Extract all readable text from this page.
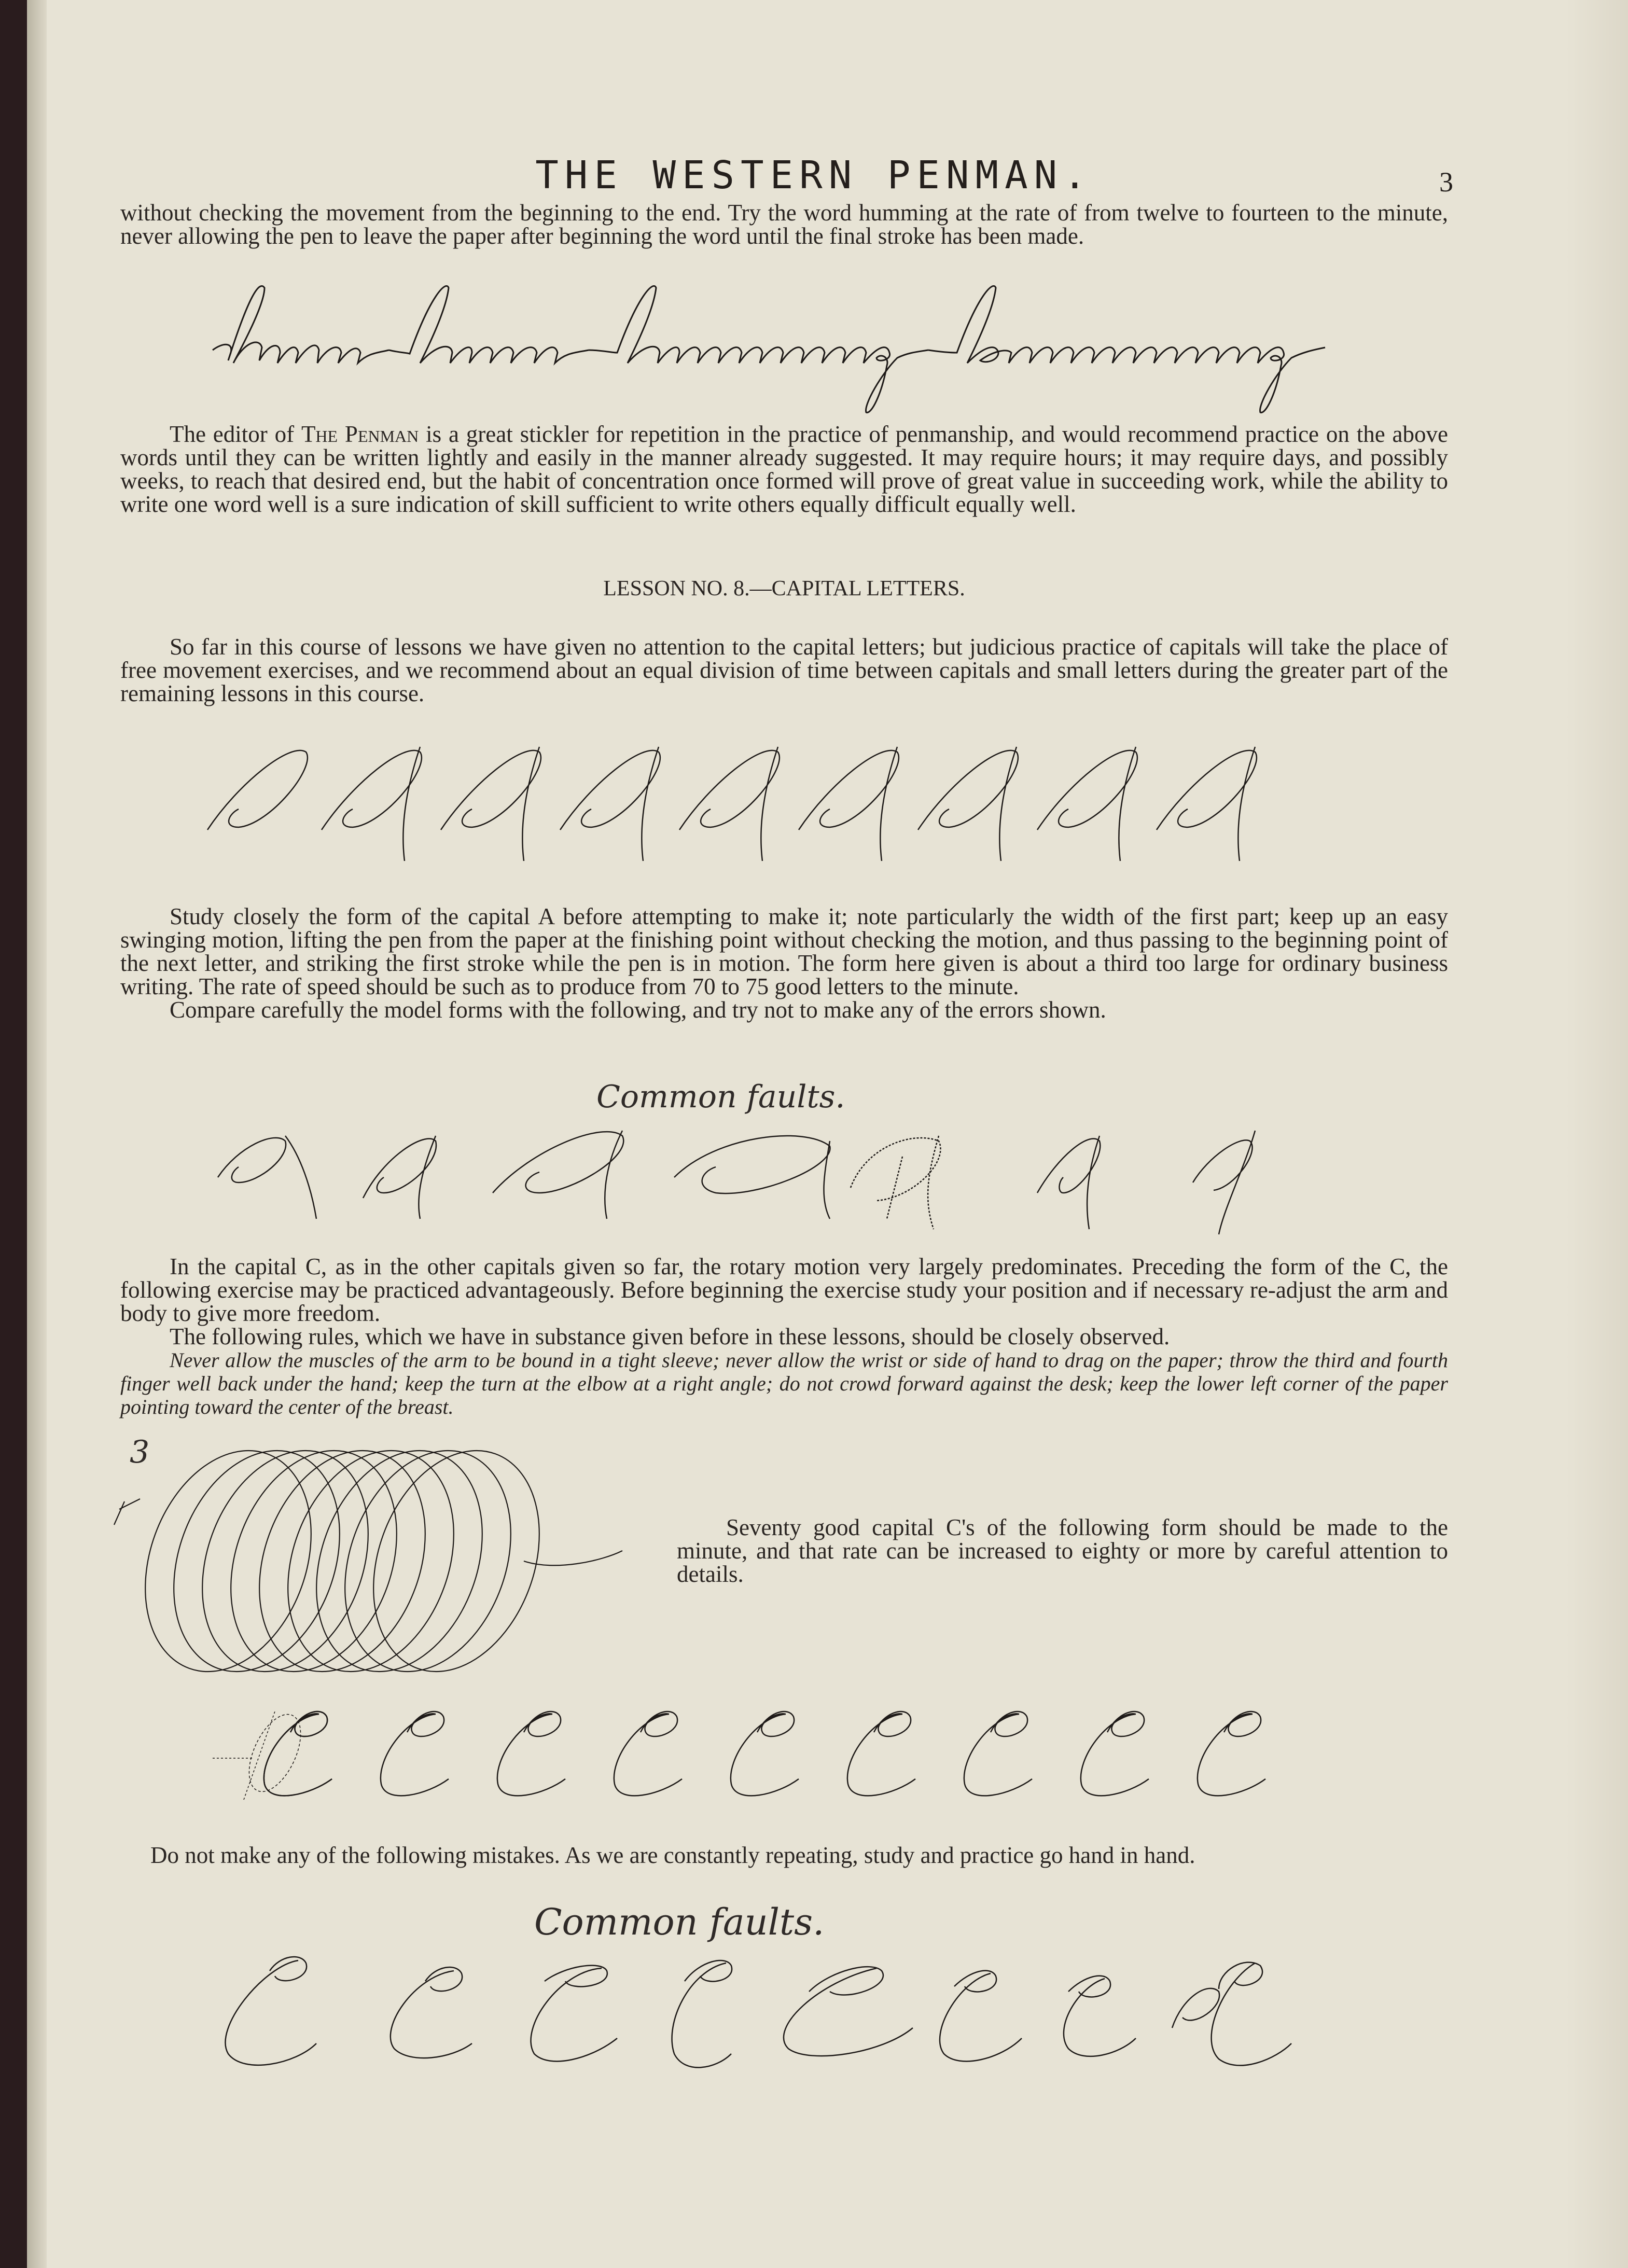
THE WESTERN PENMAN.	3

without checking the movement from the beginning to the end. Try the word humming at the rate of from twelve to fourteen to the minute, never allowing the pen to leave the paper after beginning the word until the final stroke has been made.

The editor of The Penman is a great stickler for repetition in the practice of penmanship, and would recommend practice on the above words until they can be written lightly and easily in the manner already suggested. It may require hours; it may require days, and possibly weeks, to reach that desired end, but the habit of concentration once formed will prove of great value in succeeding work, while the ability to write one word well is a sure indication of skill sufficient to write others equally difficult equally well.

LESSON NO. 8.—CAPITAL LETTERS.

So far in this course of lessons we have given no attention to the capital letters; but judicious practice of capitals will take the place of free movement exercises, and we recommend about an equal division of time between capitals and small letters during the greater part of the remaining lessons in this course.

Study closely the form of the capital A before attempting to make it; note particularly the width of the first part; keep up an easy swinging motion, lifting the pen from the paper at the finishing point without checking the motion, and thus passing to the beginning point of the next letter, and striking the first stroke while the pen is in motion. The form here given is about a third too large for ordinary business writing. The rate of speed should be such as to produce from 70 to 75 good letters to the minute.

Compare carefully the model forms with the following, and try not to make any of the errors shown.

Common faults.

In the capital C, as in the other capitals given so far, the rotary motion very largely predominates. Preceding the form of the C, the following exercise may be practiced advantageously. Before beginning the exercise study your position and if necessary re-adjust the arm and body to give more freedom.

The following rules, which we have in substance given before in these lessons, should be closely observed.

Never allow the muscles of the arm to be bound in a tight sleeve; never allow the wrist or side of hand to drag on the paper; throw the third and fourth finger well back under the hand; keep the turn at the elbow at a right angle; do not crowd forward against the desk; keep the lower left corner of the paper pointing toward the center of the breast.

3

Seventy good capital C's of the following form should be made to the minute, and that rate can be increased to eighty or more by careful attention to details.

Do not make any of the following mistakes. As we are constantly repeating, study and practice go hand in hand.
Common faults.
